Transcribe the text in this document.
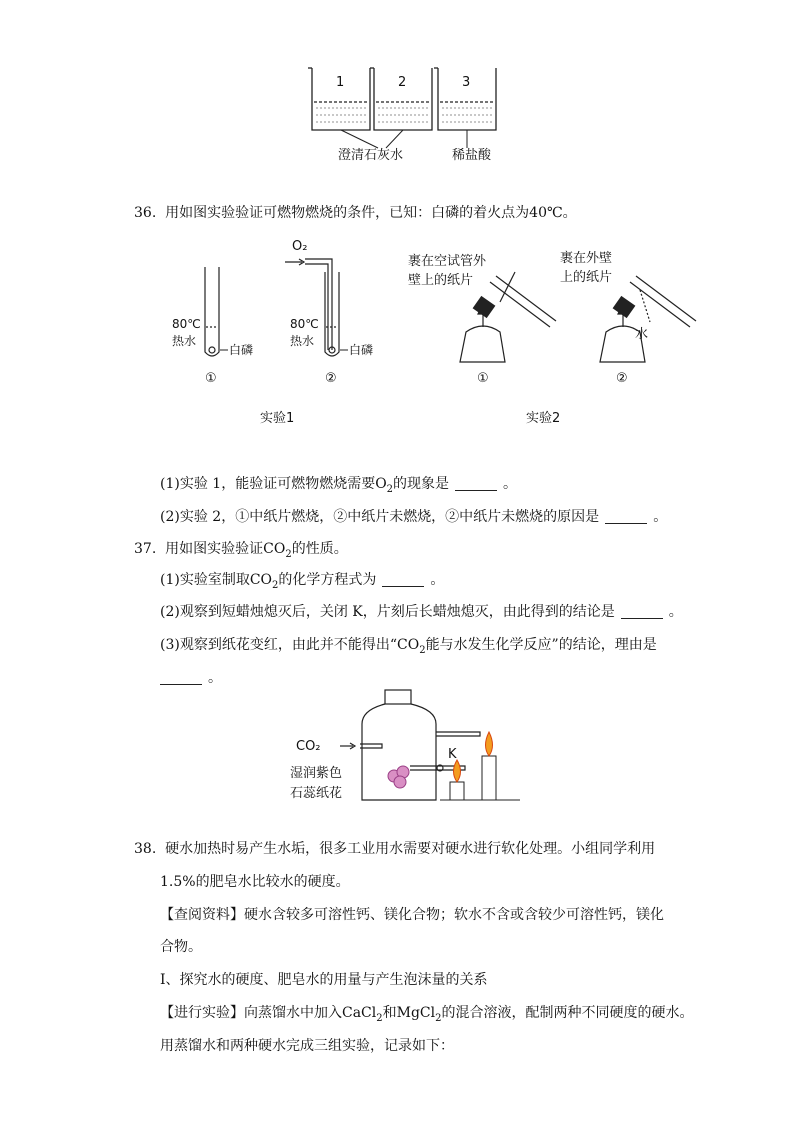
1	2	3
澄清石灰水	稀盐酸
36. 用如图实验验证可燃物燃烧的条件，已知：白磷的着火点为40℃。
O₂
80℃
热水
白磷
80℃
热水
白磷
①	②
实验1
裹在空试管外
壁上的纸片
①
裹在外壁
上的纸片
水
②
实验2
(1)实验 1，能验证可燃物燃烧需要$O_2$的现象是	。
(2)实验 2，①中纸片燃烧，②中纸片未燃烧，②中纸片未燃烧的原因是	。
37. 用如图实验验证$CO_2$的性质。
(1)实验室制取$CO_2$的化学方程式为	。
(2)观察到短蜡烛熄灭后，关闭 K，片刻后长蜡烛熄灭，由此得到的结论是	。
(3)观察到纸花变红，由此并不能得出“$CO_2$能与水发生化学反应”的结论，理由是
。
K
CO₂
湿润紫色
石蕊纸花
38. 硬水加热时易产生水垢，很多工业用水需要对硬水进行软化处理。小组同学利用
1.5%的肥皂水比较水的硬度。
【查阅资料】硬水含较多可溶性钙、镁化合物；软水不含或含较少可溶性钙，镁化
合物。
Ⅰ、探究水的硬度、肥皂水的用量与产生泡沫量的关系
【进行实验】向蒸馏水中加入CaCl$_2$和MgCl$_2$的混合溶液，配制两种不同硬度的硬水。
用蒸馏水和两种硬水完成三组实验，记录如下：
